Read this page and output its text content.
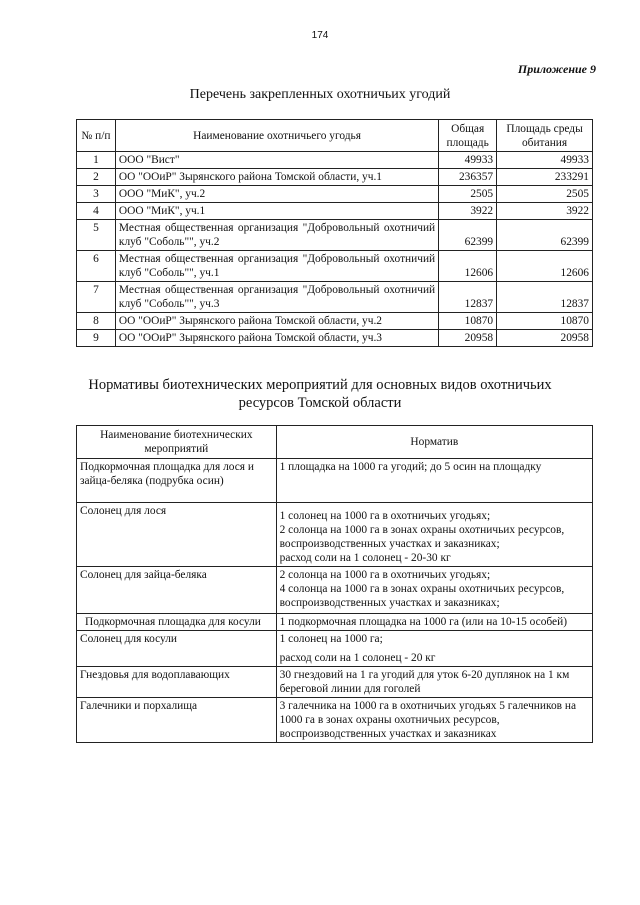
174
Приложение 9
Перечень закрепленных охотничьих угодий
№ п/п	Наименование охотничьего угодья	Общая площадь	Площадь среды обитания
1	ООО "Вист"	49933	49933
2	ОО "ООиР" Зырянского района Томской области, уч.1	236357	233291
3	ООО "МиК", уч.2	2505	2505
4	ООО "МиК", уч.1	3922	3922
5	Местная общественная организация "Добровольный охотничий клуб "Соболь"", уч.2	62399	62399
6	Местная общественная организация "Добровольный охотничий клуб "Соболь"", уч.1	12606	12606
7	Местная общественная организация "Добровольный охотничий клуб "Соболь"", уч.3	12837	12837
8	ОО "ООиР" Зырянского района Томской области, уч.2	10870	10870
9	ОО "ООиР" Зырянского района Томской области, уч.3	20958	20958
Нормативы биотехнических мероприятий для основных видов охотничьих ресурсов Томской области
Наименование биотехнических мероприятий	Норматив
Подкормочная площадка для лося и зайца-беляка (подрубка осин)	1 площадка на 1000 га угодий; до 5 осин на площадку

Солонец для лося	1 солонец на 1000 га в охотничьих угодьях;
2 солонца на 1000 га в зонах охраны охотничьих ресурсов, воспроизводственных участках и заказниках;
расход соли на 1 солонец - 20-30 кг

Солонец для зайца-беляка	2 солонца на 1000 га в охотничьих угодьях;
4 солонца на 1000 га в зонах охраны охотничьих ресурсов, воспроизводственных участках и заказниках;

Подкормочная площадка для косули	1 подкормочная площадка на 1000 га (или на 10-15 особей)

Солонец для косули	1 солонец на 1000 га;
расход соли на 1 солонец - 20 кг

Гнездовья для водоплавающих	30 гнездовий на 1 га угодий для уток 6-20 дуплянок на 1 км береговой линии для гоголей

Галечники и порхалища	3 галечника на 1000 га в охотничьих угодьях 5 галечников на 1000 га в зонах охраны охотничьих ресурсов, воспроизводственных участках и заказниках
